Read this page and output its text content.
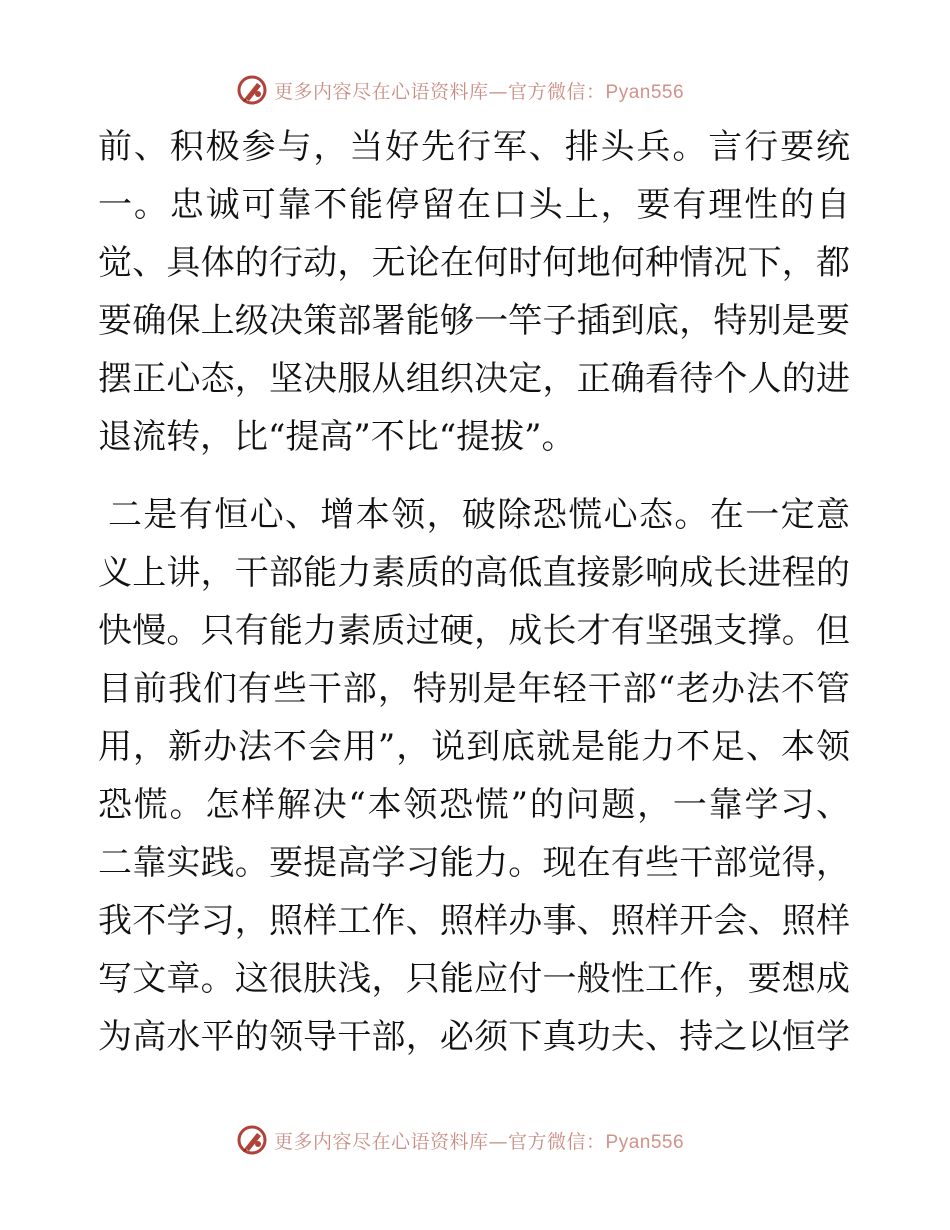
更多内容尽在心语资料库—官方微信：Pyan556
前、积极参与，当好先行军、排头兵。言行要统
一。忠诚可靠不能停留在口头上，要有理性的自
觉、具体的行动，无论在何时何地何种情况下，都
要确保上级决策部署能够一竿子插到底，特别是要
摆正心态，坚决服从组织决定，正确看待个人的进
退流转，比“提高”不比“提拔”。
二是有恒心、增本领，破除恐慌心态。在一定意
义上讲，干部能力素质的高低直接影响成长进程的
快慢。只有能力素质过硬，成长才有坚强支撑。但
目前我们有些干部，特别是年轻干部“老办法不管
用，新办法不会用”，说到底就是能力不足、本领
恐慌。怎样解决“本领恐慌”的问题，一靠学习、
二靠实践。要提高学习能力。现在有些干部觉得，
我不学习，照样工作、照样办事、照样开会、照样
写文章。这很肤浅，只能应付一般性工作，要想成
为高水平的领导干部，必须下真功夫、持之以恒学
更多内容尽在心语资料库—官方微信：Pyan556
